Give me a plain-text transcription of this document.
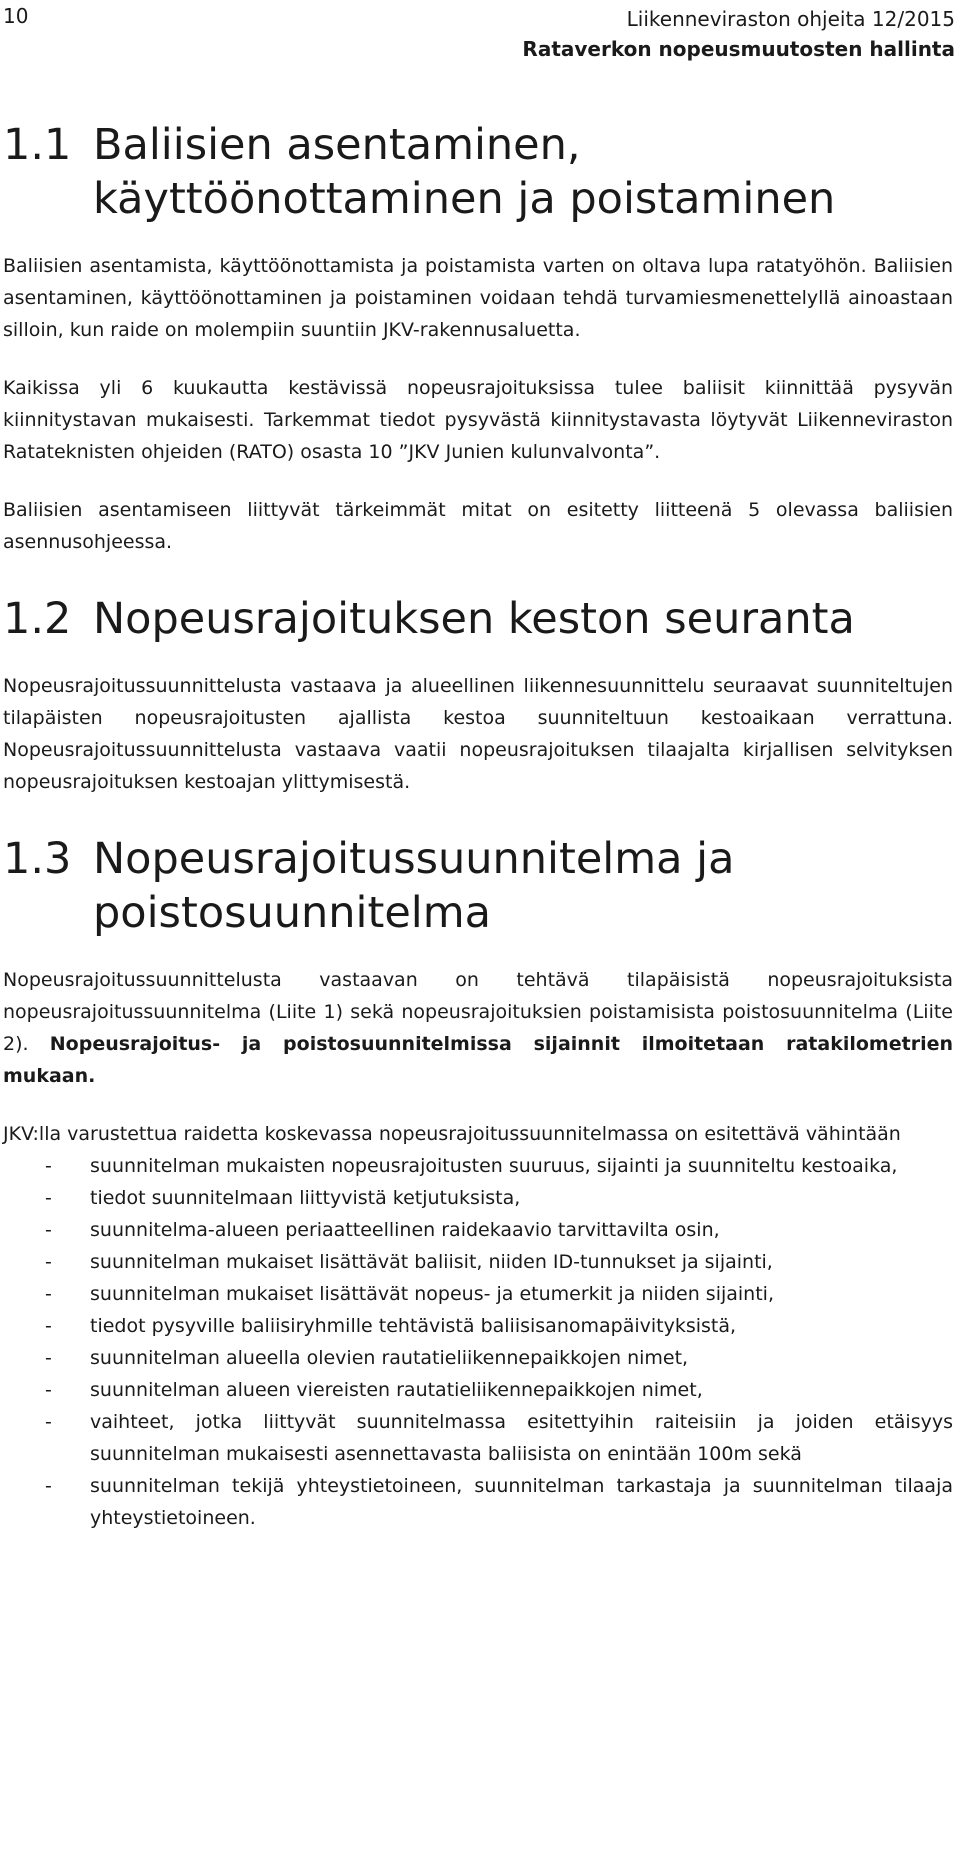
10	Liikenneviraston ohjeita 12/2015
Rataverkon nopeusmuutosten hallinta
1.1 Baliisien asentaminen, käyttöönottaminen ja poistaminen

Baliisien asentamista, käyttöönottamista ja poistamista varten on oltava lupa ratatyöhön. Baliisien asentaminen, käyttöönottaminen ja poistaminen voidaan tehdä turvamiesmenettelyllä ainoastaan silloin, kun raide on molempiin suuntiin JKV-rakennusaluetta.

Kaikissa yli 6 kuukautta kestävissä nopeusrajoituksissa tulee baliisit kiinnittää pysyvän kiinnitystavan mukaisesti. Tarkemmat tiedot pysyvästä kiinnitystavasta löytyvät Liikenneviraston Ratateknisten ohjeiden (RATO) osasta 10 ”JKV Junien kulunvalvonta”.

Baliisien asentamiseen liittyvät tärkeimmät mitat on esitetty liitteenä 5 olevassa baliisien asennusohjeessa.

1.2 Nopeusrajoituksen keston seuranta

Nopeusrajoitussuunnittelusta vastaava ja alueellinen liikennesuunnittelu seuraavat suunniteltujen tilapäisten nopeusrajoitusten ajallista kestoa suunniteltuun kestoaikaan verrattuna. Nopeusrajoitussuunnittelusta vastaava vaatii nopeusrajoituksen tilaajalta kirjallisen selvityksen nopeusrajoituksen kestoajan ylittymisestä.

1.3 Nopeusrajoitussuunnitelma ja poistosuunnitelma

Nopeusrajoitussuunnittelusta vastaavan on tehtävä tilapäisistä nopeusrajoituksista nopeusrajoitussuunnitelma (Liite 1) sekä nopeusrajoituksien poistamisista poistosuunnitelma (Liite 2). Nopeusrajoitus- ja poistosuunnitelmissa sijainnit ilmoitetaan ratakilometrien mukaan.

JKV:lla varustettua raidetta koskevassa nopeusrajoitussuunnitelmassa on esitettävä vähintään

- suunnitelman mukaisten nopeusrajoitusten suuruus, sijainti ja suunniteltu kestoaika,
- tiedot suunnitelmaan liittyvistä ketjutuksista,
- suunnitelma-alueen periaatteellinen raidekaavio tarvittavilta osin,
- suunnitelman mukaiset lisättävät baliisit, niiden ID-tunnukset ja sijainti,
- suunnitelman mukaiset lisättävät nopeus- ja etumerkit ja niiden sijainti,
- tiedot pysyville baliisiryhmille tehtävistä baliisisanomapäivityksistä,
- suunnitelman alueella olevien rautatieliikennepaikkojen nimet,
- suunnitelman alueen viereisten rautatieliikennepaikkojen nimet,
- vaihteet, jotka liittyvät suunnitelmassa esitettyihin raiteisiin ja joiden etäisyys suunnitelman mukaisesti asennettavasta baliisista on enintään 100m sekä
- suunnitelman tekijä yhteystietoineen, suunnitelman tarkastaja ja suunnitelman tilaaja yhteystietoineen.
